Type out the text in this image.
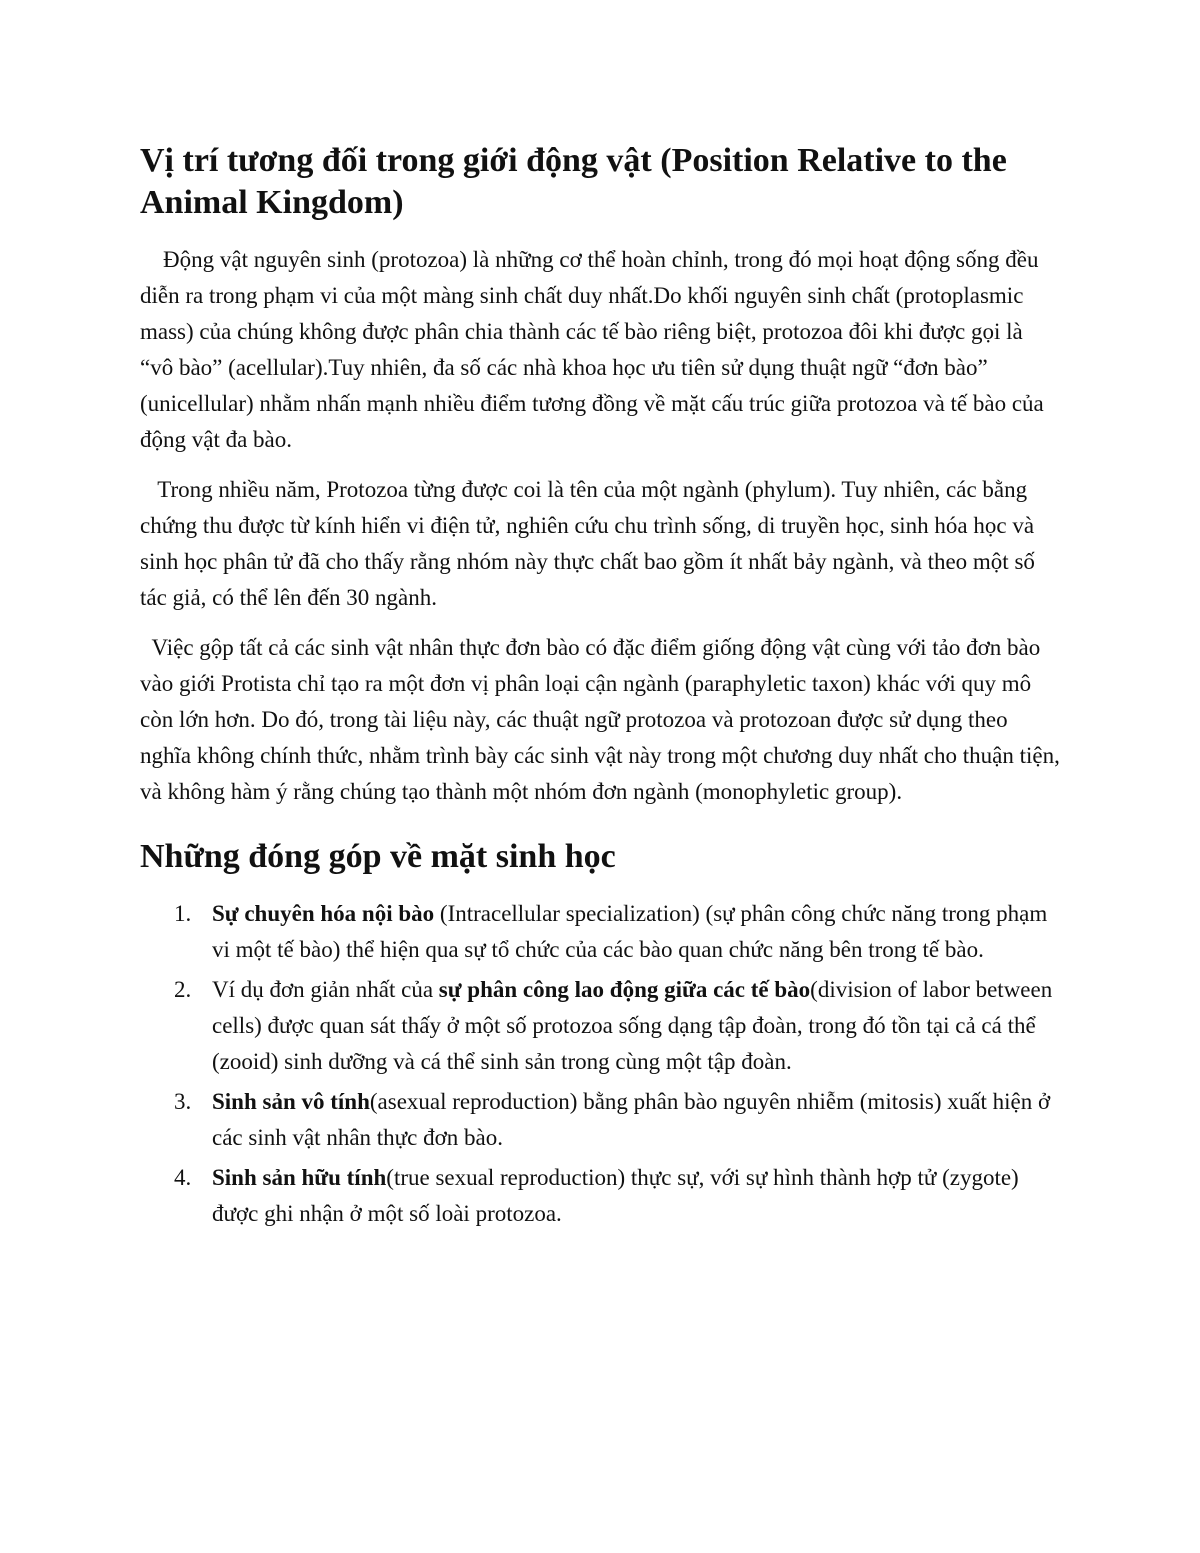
Vị trí tương đối trong giới động vật (Position Relative to the Animal Kingdom)

Động vật nguyên sinh (protozoa) là những cơ thể hoàn chỉnh, trong đó mọi hoạt động sống đều diễn ra trong phạm vi của một màng sinh chất duy nhất.Do khối nguyên sinh chất (protoplasmic mass) của chúng không được phân chia thành các tế bào riêng biệt, protozoa đôi khi được gọi là “vô bào” (acellular).Tuy nhiên, đa số các nhà khoa học ưu tiên sử dụng thuật ngữ “đơn bào” (unicellular) nhằm nhấn mạnh nhiều điểm tương đồng về mặt cấu trúc giữa protozoa và tế bào của động vật đa bào.

Trong nhiều năm, Protozoa từng được coi là tên của một ngành (phylum). Tuy nhiên, các bằng chứng thu được từ kính hiển vi điện tử, nghiên cứu chu trình sống, di truyền học, sinh hóa học và sinh học phân tử đã cho thấy rằng nhóm này thực chất bao gồm ít nhất bảy ngành, và theo một số tác giả, có thể lên đến 30 ngành.

Việc gộp tất cả các sinh vật nhân thực đơn bào có đặc điểm giống động vật cùng với tảo đơn bào vào giới Protista chỉ tạo ra một đơn vị phân loại cận ngành (paraphyletic taxon) khác với quy mô còn lớn hơn. Do đó, trong tài liệu này, các thuật ngữ protozoa và protozoan được sử dụng theo nghĩa không chính thức, nhằm trình bày các sinh vật này trong một chương duy nhất cho thuận tiện, và không hàm ý rằng chúng tạo thành một nhóm đơn ngành (monophyletic group).

Những đóng góp về mặt sinh học
1. Sự chuyên hóa nội bào (Intracellular specialization) (sự phân công chức năng trong phạm vi một tế bào) thể hiện qua sự tổ chức của các bào quan chức năng bên trong tế bào.
2. Ví dụ đơn giản nhất của sự phân công lao động giữa các tế bào(division of labor between cells) được quan sát thấy ở một số protozoa sống dạng tập đoàn, trong đó tồn tại cả cá thể (zooid) sinh dưỡng và cá thể sinh sản trong cùng một tập đoàn.
3. Sinh sản vô tính(asexual reproduction) bằng phân bào nguyên nhiễm (mitosis) xuất hiện ở các sinh vật nhân thực đơn bào.
4. Sinh sản hữu tính(true sexual reproduction) thực sự, với sự hình thành hợp tử (zygote) được ghi nhận ở một số loài protozoa.
